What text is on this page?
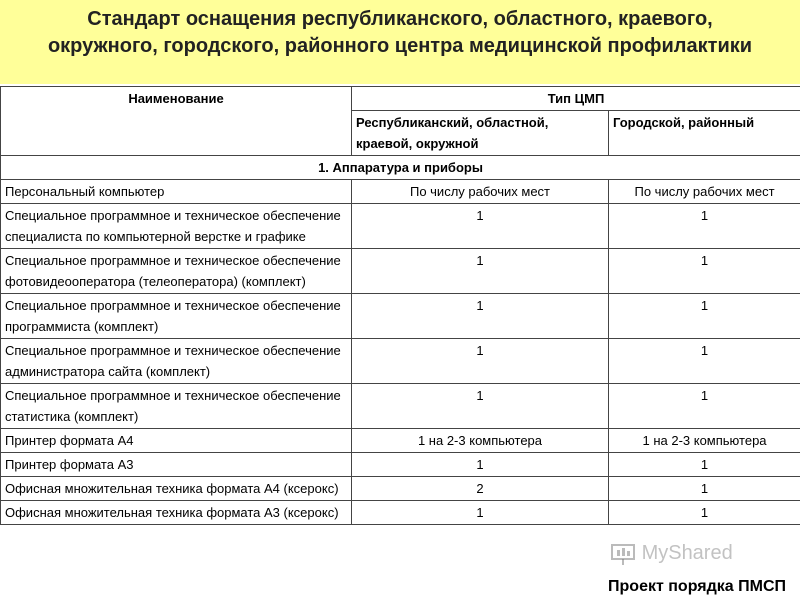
Стандарт оснащения республиканского, областного, краевого,
окружного, городского, районного центра медицинской профилактики
Наименование	Тип ЦМП	
	Республиканский, областной, краевой, окружной	Городской, районный
1. Аппаратура и приборы		
Персональный компьютер	По числу рабочих мест	По числу рабочих мест
Специальное программное и техническое обеспечение специалиста по компьютерной верстке и графике	1	1
Специальное программное и техническое обеспечение фотовидеооператора (телеоператора) (комплект)	1	1
Специальное программное и техническое обеспечение программиста (комплект)	1	1
Специальное программное и техническое обеспечение администратора сайта (комплект)	1	1
Специальное программное и техническое обеспечение статистика (комплект)	1	1
Принтер формата А4	1 на 2-3 компьютера	1 на 2-3 компьютера
Принтер формата А3	1	1
Офисная множительная техника формата А4 (ксерокс)	2	1
Офисная множительная техника формата А3 (ксерокс)	1	1
MyShared
Проект порядка ПМСП
